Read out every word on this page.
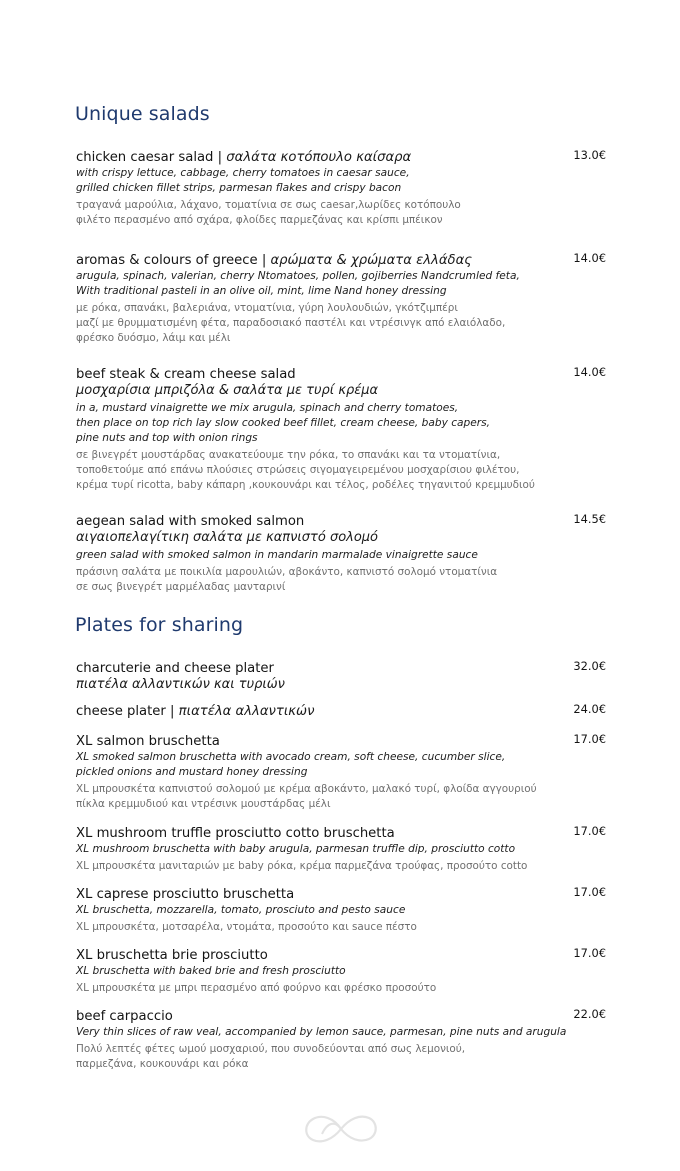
Unique salads
Plates for sharing
chicken caesar salad | σαλάτα κοτόπουλο καίσαρα	13.0€
with crispy lettuce, cabbage, cherry tomatoes in caesar sauce,
grilled chicken fillet strips, parmesan flakes and crispy bacon
τραγανά μαρούλια, λάχανο, τοματίνια σε σως caesar,λωρίδες κοτόπουλο
φιλέτο περασμένο από σχάρα, φλοίδες παρμεζάνας και κρίσπι μπέικον
aromas & colours of greece | αρώματα & χρώματα ελλάδας	14.0€
arugula, spinach, valerian, cherry Ntomatoes, pollen, gojiberries Nandcrumled feta,
With traditional pasteli in an olive oil, mint, lime Nand honey dressing
με ρόκα, σπανάκι, βαλεριάνα, ντοματίνια, γύρη λουλουδιών, γκότζιμπέρι
μαζί με θρυμματισμένη φέτα, παραδοσιακό παστέλι και ντρέσινγκ από ελαιόλαδο,
φρέσκο δυόσμο, λάιμ και μέλι
beef steak & cream cheese salad	14.0€
μοσχαρίσια μπριζόλα & σαλάτα με τυρί κρέμα
in a, mustard vinaigrette we mix arugula, spinach and cherry tomatoes,
then place on top rich lay slow cooked beef fillet, cream cheese, baby capers,
pine nuts and top with onion rings
σε βινεγρέτ μουστάρδας ανακατεύουμε την ρόκα, το σπανάκι και τα ντοματίνια,
τοποθετούμε από επάνω πλούσιες στρώσεις σιγομαγειρεμένου μοσχαρίσιου φιλέτου,
κρέμα τυρί ricotta, baby κάπαρη ,κουκουνάρι και τέλος, ροδέλες τηγανιτού κρεμμυδιού
aegean salad with smoked salmon	14.5€
αιγαιοπελαγίτικη σαλάτα με καπνιστό σολομό
green salad with smoked salmon in mandarin marmalade vinaigrette sauce
πράσινη σαλάτα με ποικιλία μαρουλιών, αβοκάντο, καπνιστό σολομό ντοματίνια
σε σως βινεγρέτ μαρμέλαδας μανταρινί
charcuterie and cheese plater	32.0€
πιατέλα αλλαντικών και τυριών
cheese plater | πιατέλα αλλαντικών	24.0€
XL salmon bruschetta	17.0€
XL smoked salmon bruschetta with avocado cream, soft cheese, cucumber slice,
pickled onions and mustard honey dressing
XL μπρουσκέτα καπνιστού σολομού με κρέμα αβοκάντο, μαλακό τυρί, φλοίδα αγγουριού
πίκλα κρεμμυδιού και ντρέσινκ μουστάρδας μέλι
XL mushroom truffle prosciutto cotto bruschetta	17.0€
XL mushroom bruschetta with baby arugula, parmesan truffle dip, prosciutto cotto
XL μπρουσκέτα μανιταριών με baby ρόκα, κρέμα παρμεζάνα τρούφας, προσούτο cotto
XL caprese prosciutto bruschetta	17.0€
XL bruschetta, mozzarella, tomato, prosciuto and pesto sauce
XL μπρουσκέτα, μοτσαρέλα, ντομάτα, προσούτο και sauce πέστο
XL bruschetta brie prosciutto	17.0€
XL bruschetta with baked brie and fresh prosciutto
XL μπρουσκέτα με μπρι περασμένο από φούρνο και φρέσκο προσούτο
beef carpaccio	22.0€
Very thin slices of raw veal, accompanied by lemon sauce, parmesan, pine nuts and arugula
Πολύ λεπτές φέτες ωμού μοσχαριού, που συνοδεύονται από σως λεμονιού,
παρμεζάνα, κουκουνάρι και ρόκα
